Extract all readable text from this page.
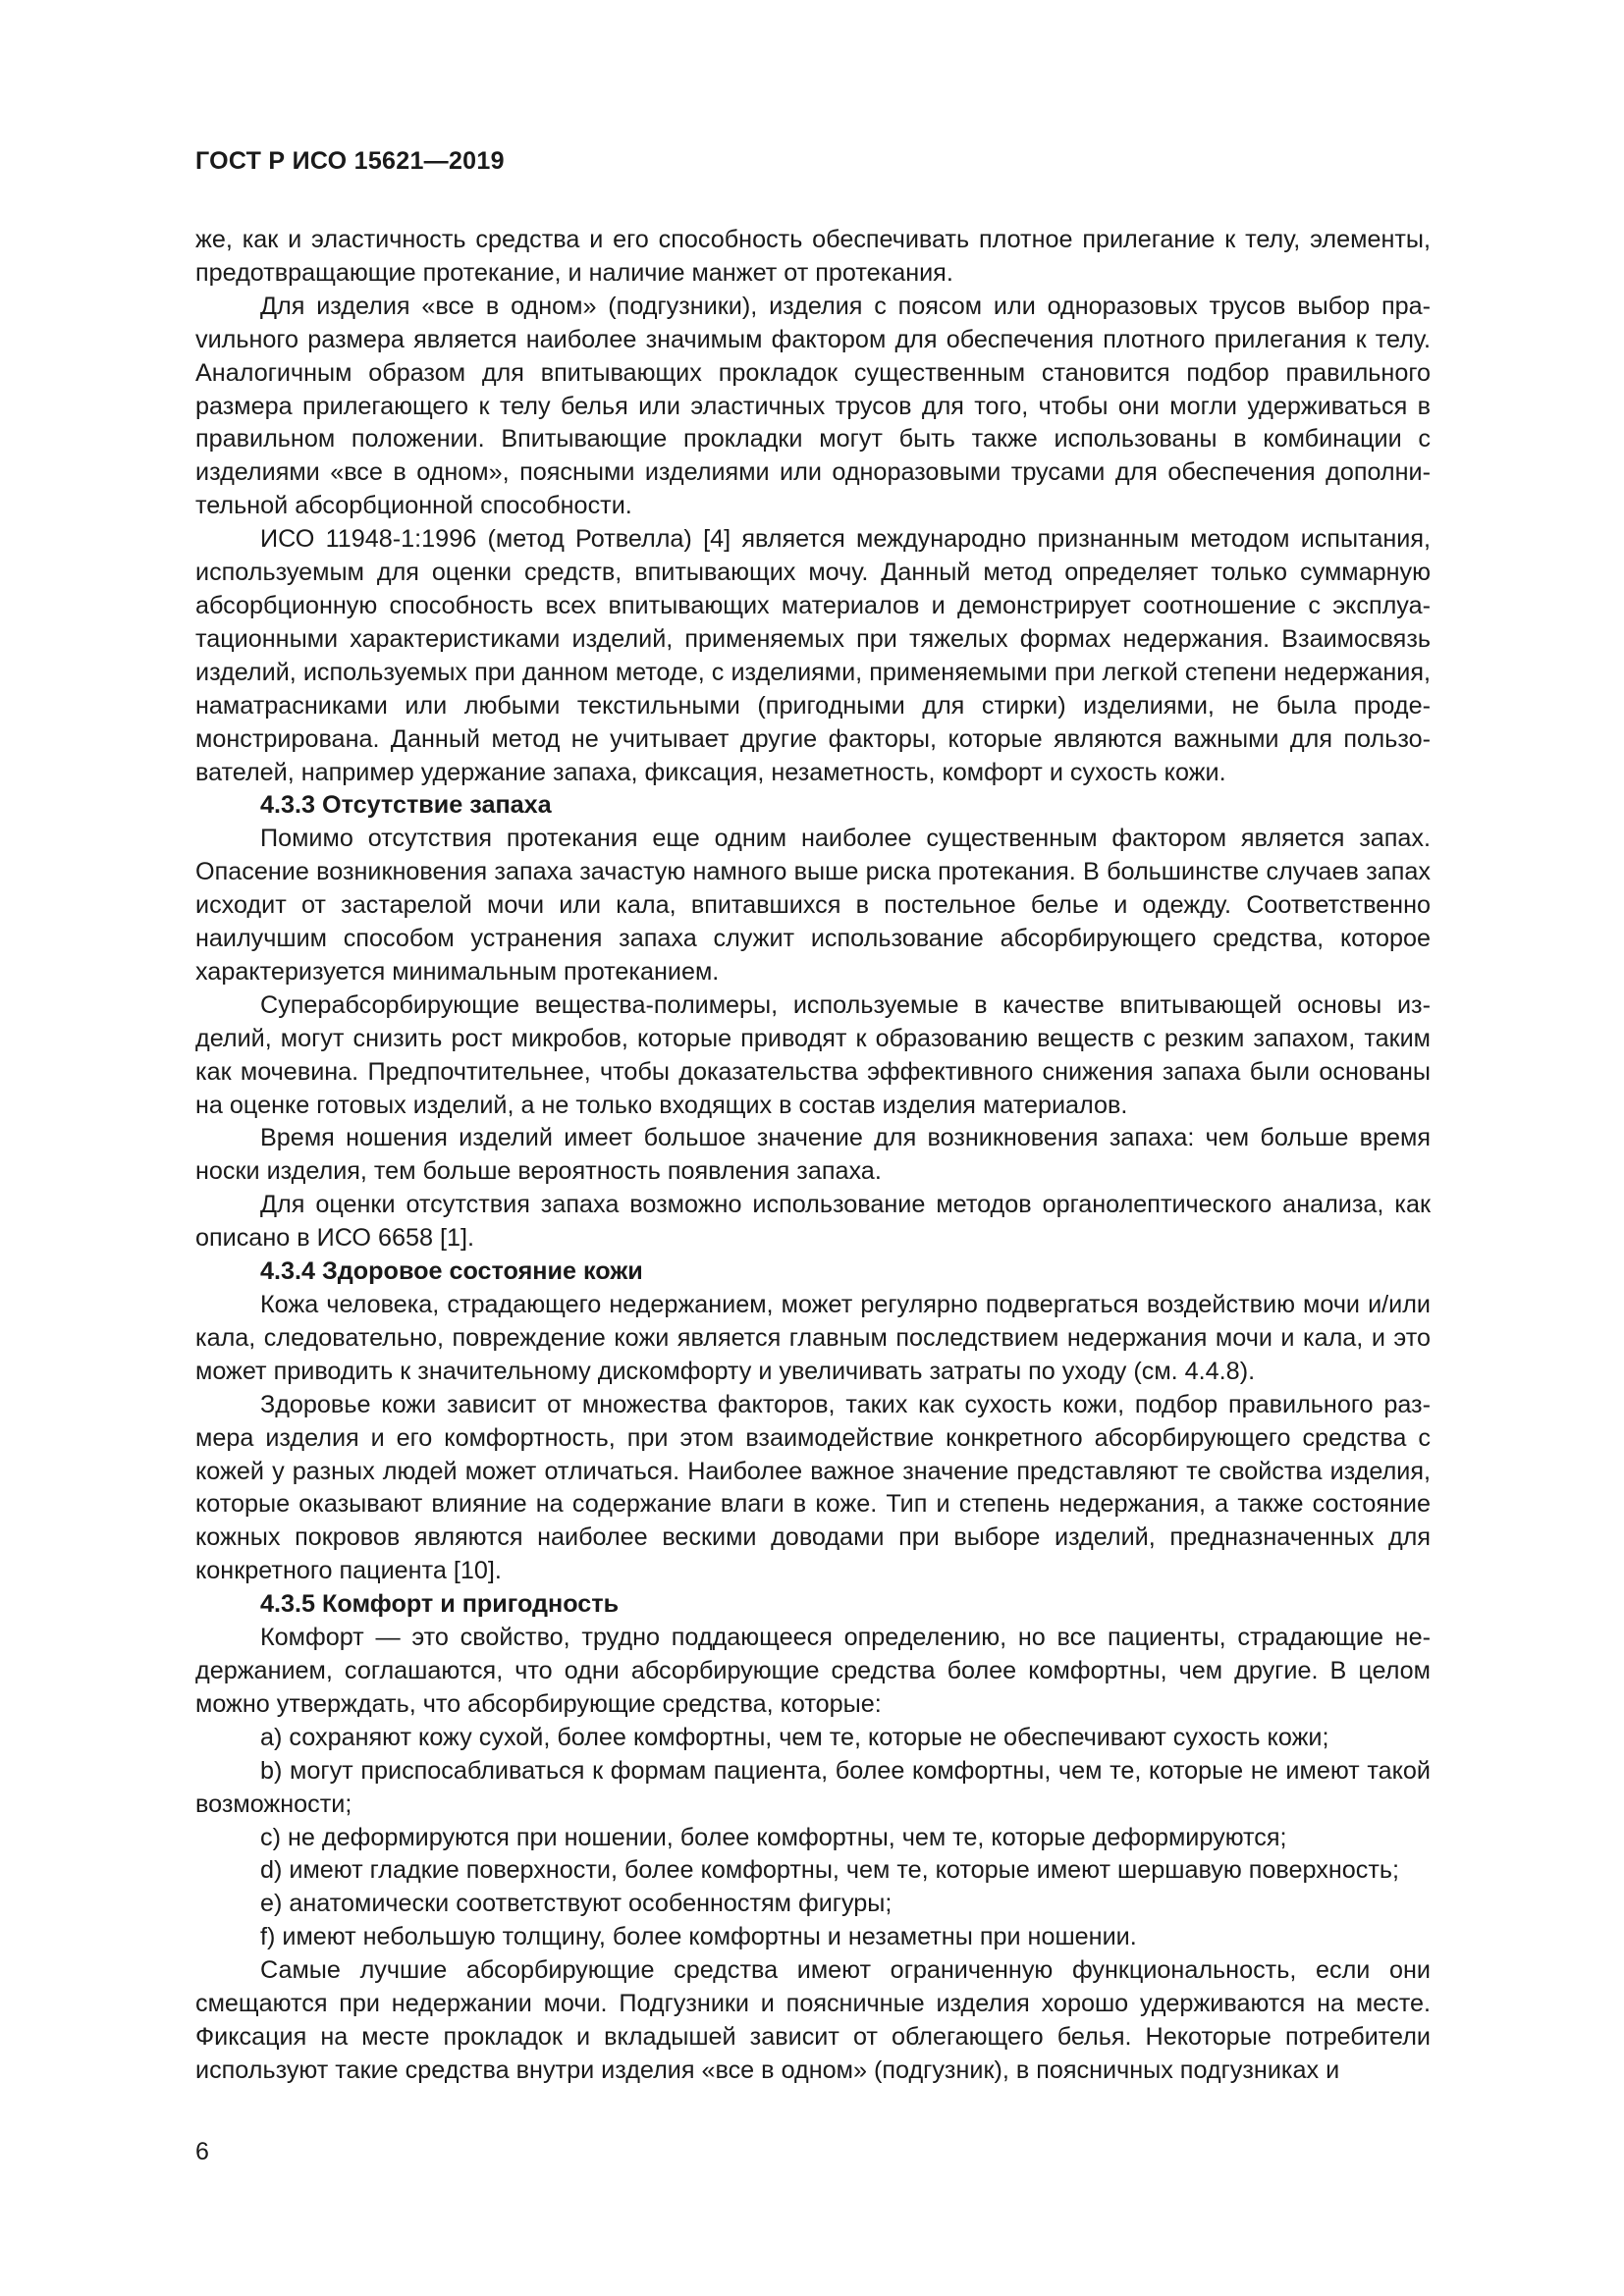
ГОСТ Р ИСО 15621—2019

же, как и эластичность средства и его способность обеспечивать плотное прилегание к телу, элементы, предотвращающие протекание, и наличие манжет от протекания.

Для изделия «все в одном» (подгузники), изделия с поясом или одноразовых трусов выбор праvильного размера является наиболее значимым фактором для обеспечения плотного прилегания к телу. Аналогичным образом для впитывающих прокладок существенным становится подбор правильного размера прилегающего к телу белья или эластичных трусов для того, чтобы они могли удерживаться в правильном положении. Впитывающие прокладки могут быть также использованы в комбинации с изделиями «все в одном», поясными изделиями или одноразовыми трусами для обеспечения дополнительной абсорбционной способности.

ИСО 11948-1:1996 (метод Ротвелла) [4] является международно признанным методом испытания, используемым для оценки средств, впитывающих мочу. Данный метод определяет только суммарную абсорбционную способность всех впитывающих материалов и демонстрирует соотношение с эксплуатационными характеристиками изделий, применяемых при тяжелых формах недержания. Взаимосвязь изделий, используемых при данном методе, с изделиями, применяемыми при легкой степени недержания, наматрасниками или любыми текстильными (пригодными для стирки) изделиями, не была продемонстрирована. Данный метод не учитывает другие факторы, которые являются важными для пользователей, например удержание запаха, фиксация, незаметность, комфорт и сухость кожи.

4.3.3 Отсутствие запаха

Помимо отсутствия протекания еще одним наиболее существенным фактором является запах. Опасение возникновения запаха зачастую намного выше риска протекания. В большинстве случаев запах исходит от застарелой мочи или кала, впитавшихся в постельное белье и одежду. Соответственно наилучшим способом устранения запаха служит использование абсорбирующего средства, которое характеризуется минимальным протеканием.

Суперабсорбирующие вещества-полимеры, используемые в качестве впитывающей основы изделий, могут снизить рост микробов, которые приводят к образованию веществ с резким запахом, таким как мочевина. Предпочтительнее, чтобы доказательства эффективного снижения запаха были основаны на оценке готовых изделий, а не только входящих в состав изделия материалов.

Время ношения изделий имеет большое значение для возникновения запаха: чем больше время носки изделия, тем больше вероятность появления запаха.

Для оценки отсутствия запаха возможно использование методов органолептического анализа, как описано в ИСО 6658 [1].

4.3.4 Здоровое состояние кожи

Кожа человека, страдающего недержанием, может регулярно подвергаться воздействию мочи и/или кала, следовательно, повреждение кожи является главным последствием недержания мочи и кала, и это может приводить к значительному дискомфорту и увеличивать затраты по уходу (см. 4.4.8).

Здоровье кожи зависит от множества факторов, таких как сухость кожи, подбор правильного размера изделия и его комфортность, при этом взаимодействие конкретного абсорбирующего средства с кожей у разных людей может отличаться. Наиболее важное значение представляют те свойства изделия, которые оказывают влияние на содержание влаги в коже. Тип и степень недержания, а также состояние кожных покровов являются наиболее вескими доводами при выборе изделий, предназначенных для конкретного пациента [10].

4.3.5 Комфорт и пригодность

Комфорт — это свойство, трудно поддающееся определению, но все пациенты, страдающие недержанием, соглашаются, что одни абсорбирующие средства более комфортны, чем другие. В целом можно утверждать, что абсорбирующие средства, которые:

a) сохраняют кожу сухой, более комфортны, чем те, которые не обеспечивают сухость кожи;

b) могут приспосабливаться к формам пациента, более комфортны, чем те, которые не имеют такой возможности;

c) не деформируются при ношении, более комфортны, чем те, которые деформируются;

d) имеют гладкие поверхности, более комфортны, чем те, которые имеют шершавую поверхность;

e) анатомически соответствуют особенностям фигуры;

f) имеют небольшую толщину, более комфортны и незаметны при ношении.

Самые лучшие абсорбирующие средства имеют ограниченную функциональность, если они смещаются при недержании мочи. Подгузники и поясничные изделия хорошо удерживаются на месте. Фиксация на месте прокладок и вкладышей зависит от облегающего белья. Некоторые потребители используют такие средства внутри изделия «все в одном» (подгузник), в поясничных подгузниках и

6
